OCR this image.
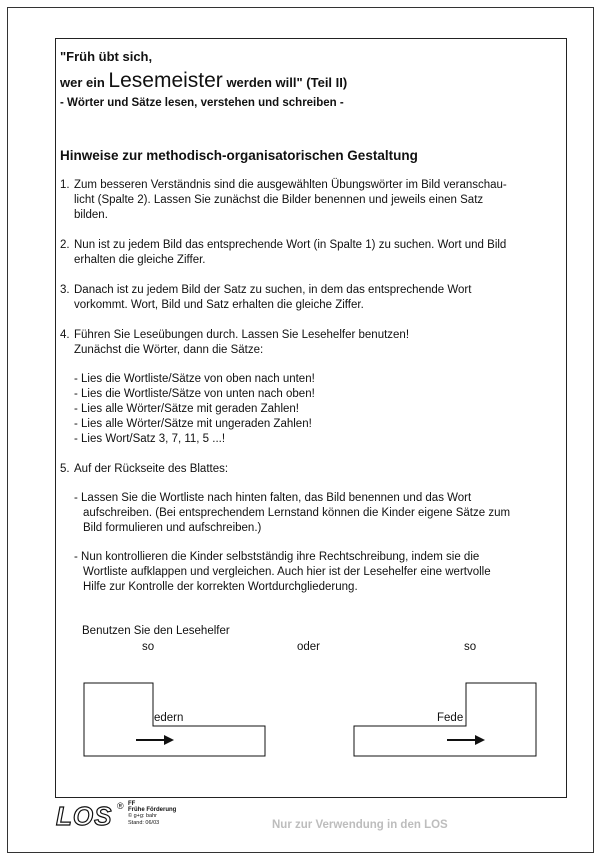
"Früh übt sich,
wer ein Lesemeister werden will" (Teil II)
- Wörter und Sätze lesen, verstehen und schreiben -
Hinweise zur methodisch-organisatorischen Gestaltung
1. Zum besseren Verständnis sind die ausgewählten Übungswörter im Bild veranschau-
licht (Spalte 2). Lassen Sie zunächst die Bilder benennen und jeweils einen Satz
bilden.
2. Nun ist zu jedem Bild das entsprechende Wort (in Spalte 1) zu suchen. Wort und Bild
erhalten die gleiche Ziffer.
3. Danach ist zu jedem Bild der Satz zu suchen, in dem das entsprechende Wort
vorkommt. Wort, Bild und Satz erhalten die gleiche Ziffer.
4. Führen Sie Leseübungen durch. Lassen Sie Lesehelfer benutzen!
Zunächst die Wörter, dann die Sätze:
- Lies die Wortliste/Sätze von oben nach unten!
- Lies die Wortliste/Sätze von unten nach oben!
- Lies alle Wörter/Sätze mit geraden Zahlen!
- Lies alle Wörter/Sätze mit ungeraden Zahlen!
- Lies Wort/Satz 3, 7, 11, 5 ...!
5. Auf der Rückseite des Blattes:
- Lassen Sie die Wortliste nach hinten falten, das Bild benennen und das Wort
aufschreiben. (Bei entsprechendem Lernstand können die Kinder eigene Sätze zum
Bild formulieren und aufschreiben.)
- Nun kontrollieren die Kinder selbstständig ihre Rechtschreibung, indem sie die
Wortliste aufklappen und vergleichen. Auch hier ist der Lesehelfer eine wertvolle
Hilfe zur Kontrolle der korrekten Wortdurchgliederung.
Benutzen Sie den Lesehelfer
so	oder	so
edern	Fede
LOS ® FF
Frühe Förderung
© g+g: bahr
Stand: 06/03	Nur zur Verwendung in den LOS
